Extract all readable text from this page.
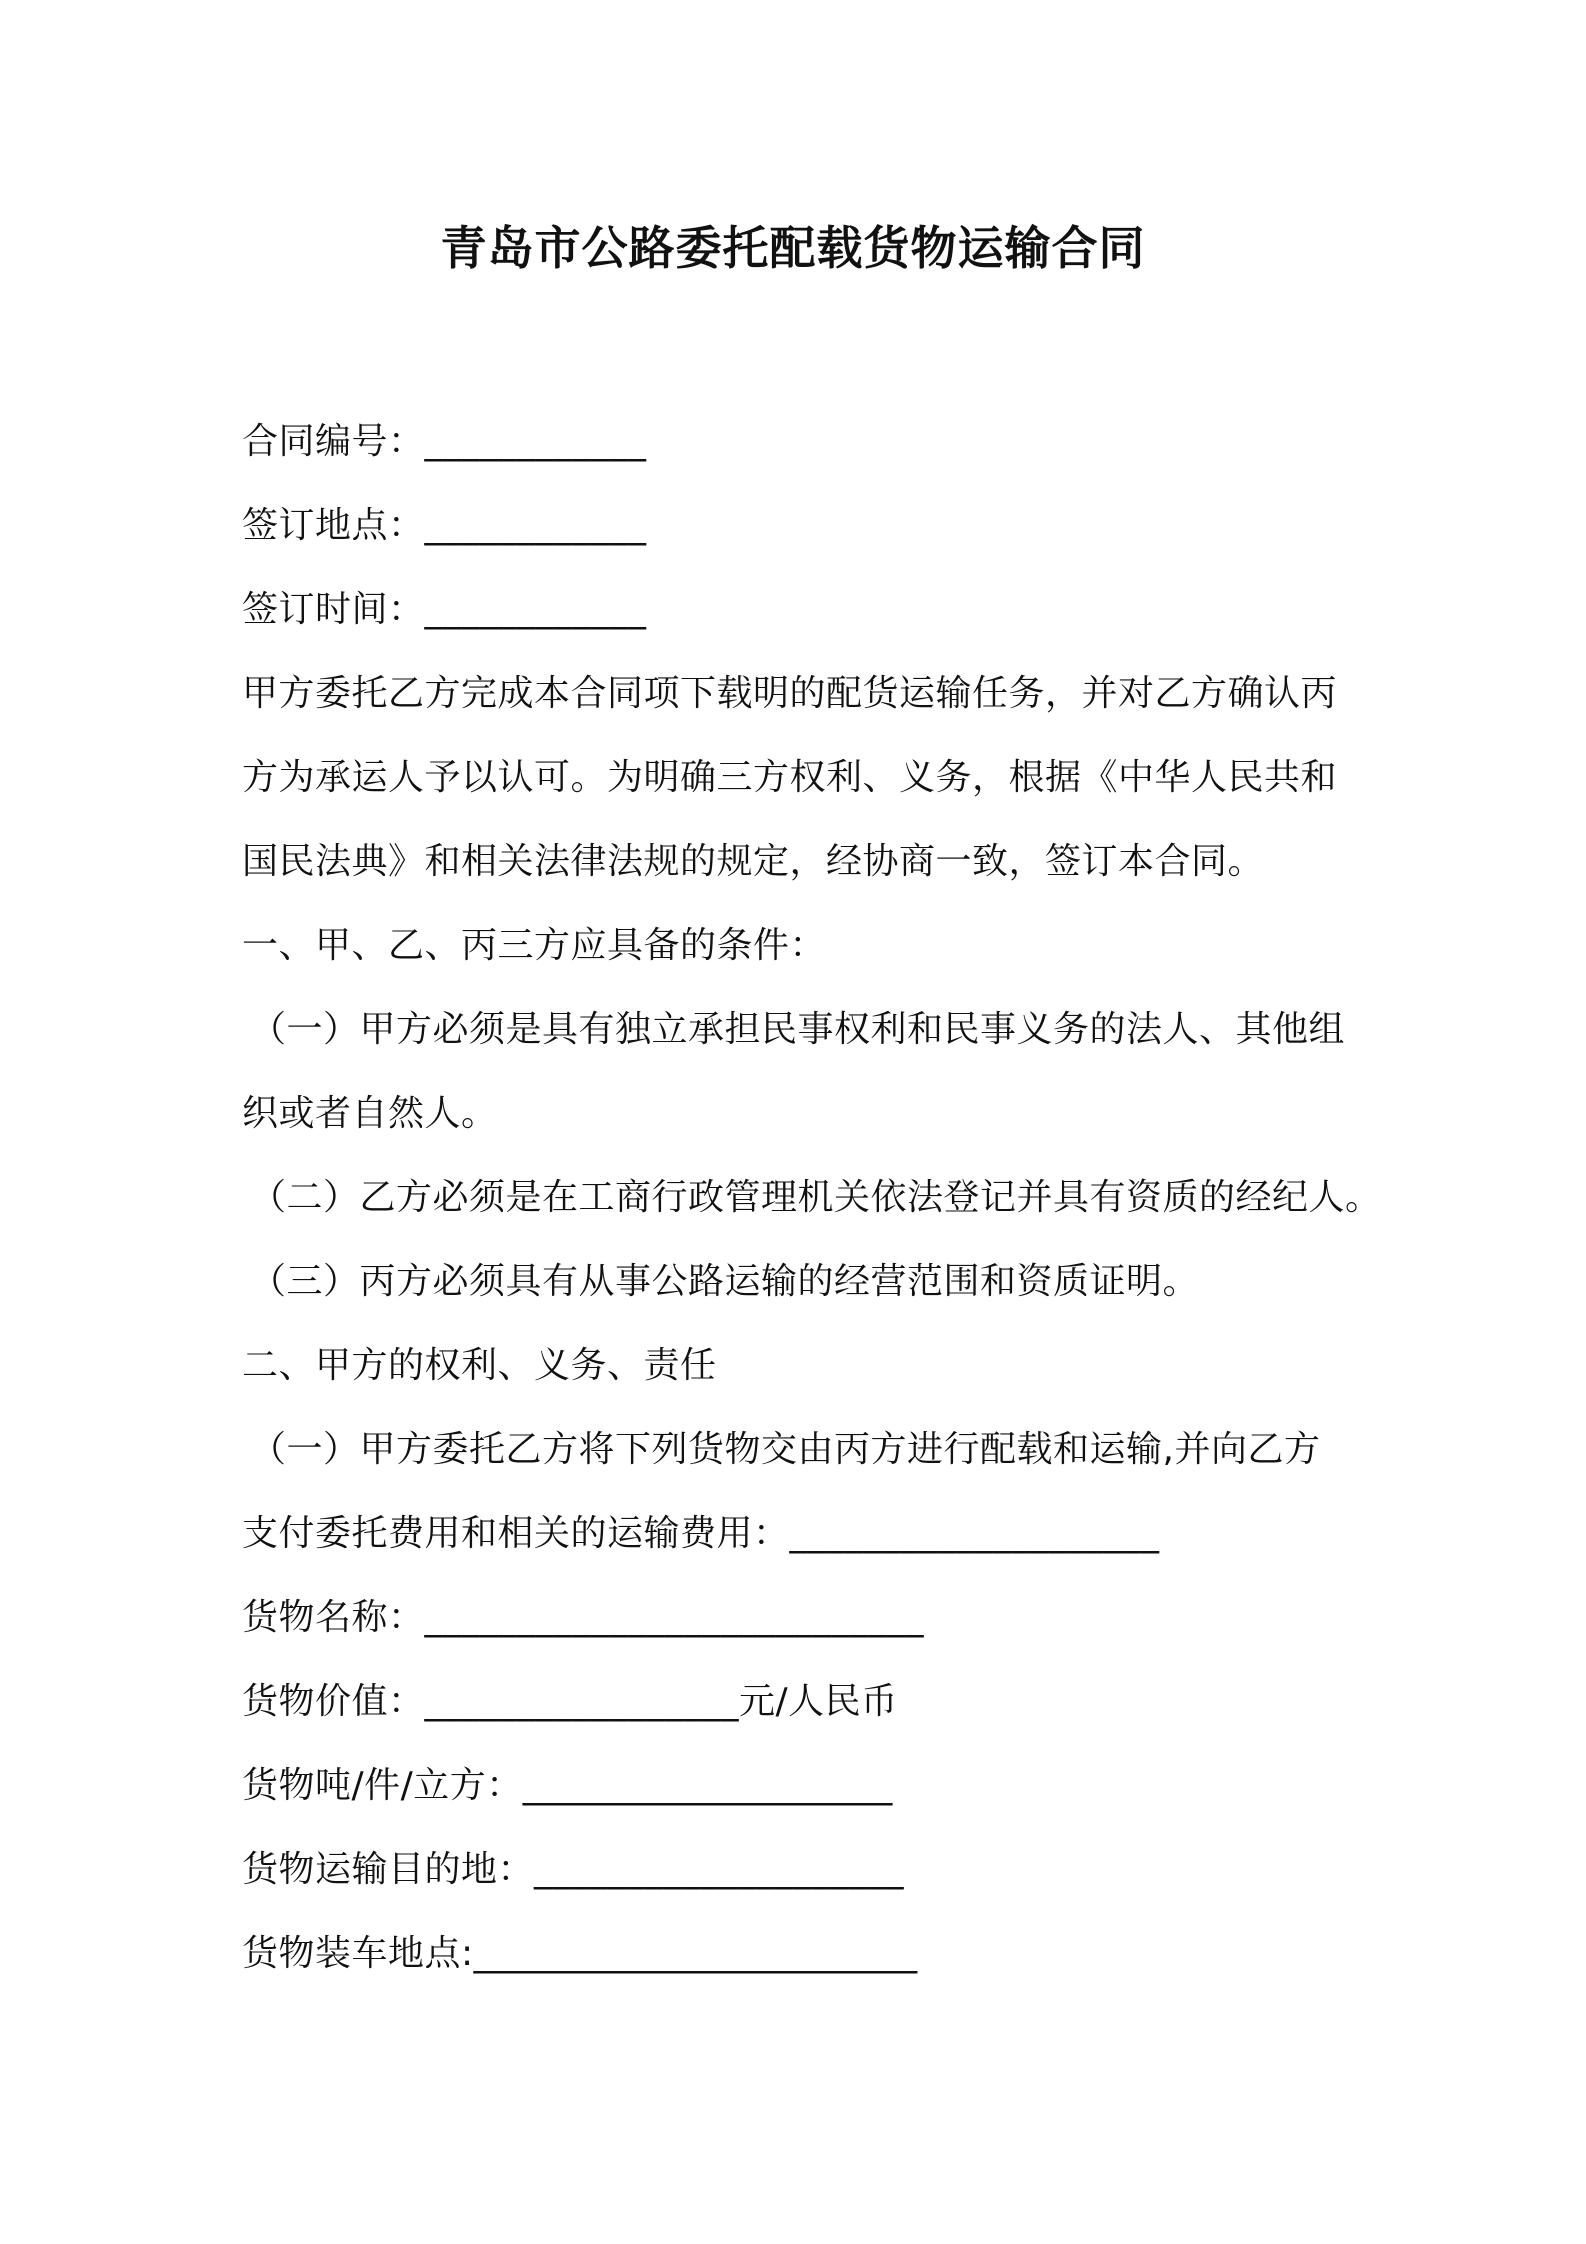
青岛市公路委托配载货物运输合同
合同编号：____________
签订地点：____________
签订时间：____________
甲方委托乙方完成本合同项下载明的配货运输任务，并对乙方确认丙
方为承运人予以认可。为明确三方权利、义务，根据《中华人民共和
国民法典》和相关法律法规的规定，经协商一致，签订本合同。
一、甲、乙、丙三方应具备的条件：
（一）甲方必须是具有独立承担民事权利和民事义务的法人、其他组
织或者自然人。
（二）乙方必须是在工商行政管理机关依法登记并具有资质的经纪人。
（三）丙方必须具有从事公路运输的经营范围和资质证明。
二、甲方的权利、义务、责任
（一）甲方委托乙方将下列货物交由丙方进行配载和运输,并向乙方
支付委托费用和相关的运输费用：____________________
货物名称：___________________________
货物价值：_________________元/人民币
货物吨/件/立方：____________________
货物运输目的地：____________________
货物装车地点:________________________
